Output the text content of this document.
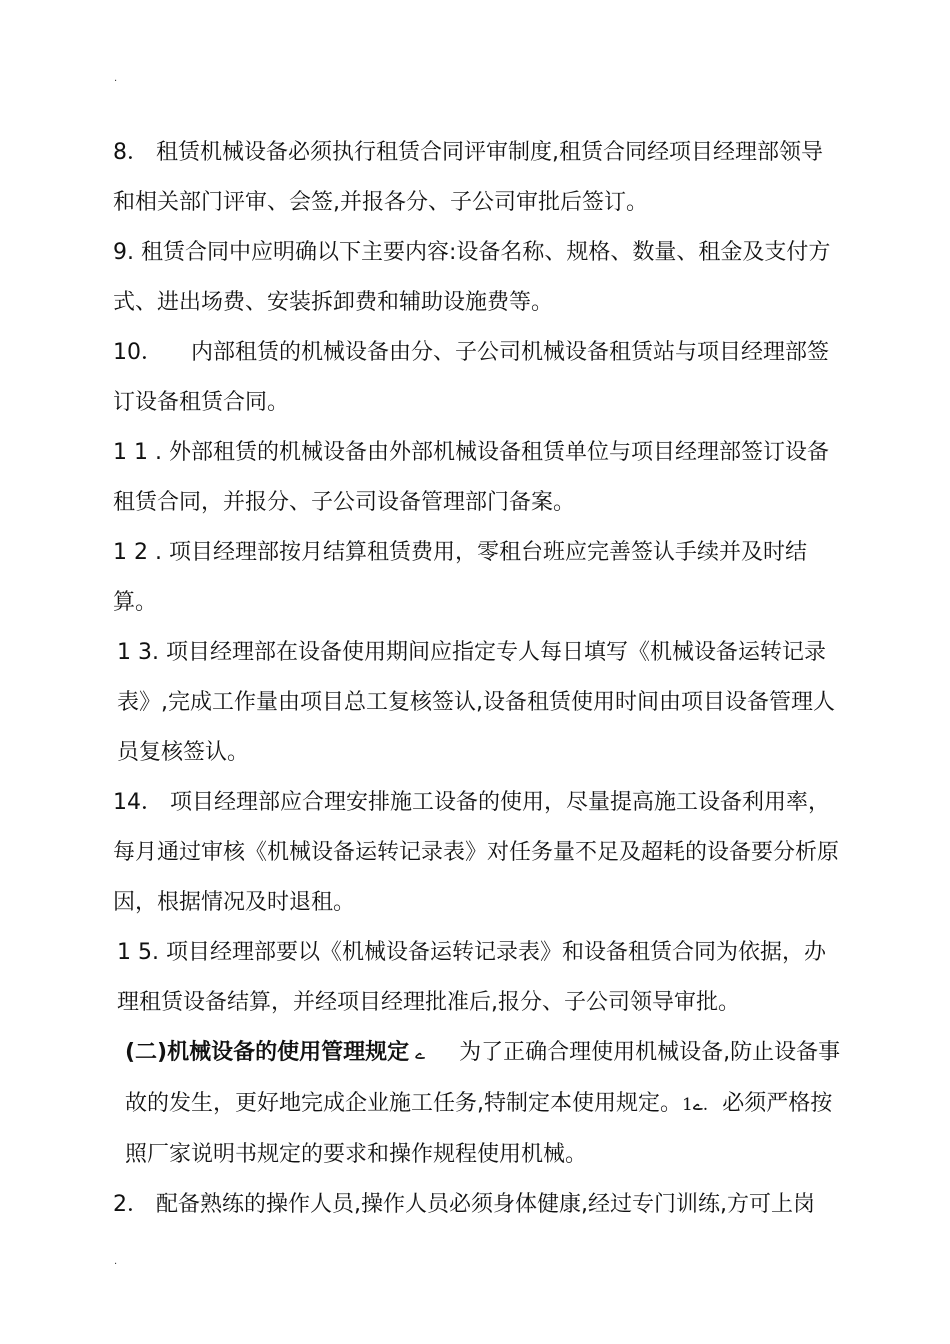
.

8． 租赁机械设备必须执行租赁合同评审制度,租赁合同经项目经理部领导和相关部门评审、会签,并报各分、子公司审批后签订。

9. 租赁合同中应明确以下主要内容:设备名称、规格、数量、租金及支付方式、进出场费、安装拆卸费和辅助设施费等。

10．    内部租赁的机械设备由分、子公司机械设备租赁站与项目经理部签订设备租赁合同。

1 1 . 外部租赁的机械设备由外部机械设备租赁单位与项目经理部签订设备租赁合同，并报分、子公司设备管理部门备案。

1 2 . 项目经理部按月结算租赁费用，零租台班应完善签认手续并及时结算。

1 3. 项目经理部在设备使用期间应指定专人每日填写《机械设备运转记录表》,完成工作量由项目总工复核签认,设备租赁使用时间由项目设备管理人员复核签认。

14． 项目经理部应合理安排施工设备的使用，尽量提高施工设备利用率，每月通过审核《机械设备运转记录表》对任务量不足及超耗的设备要分析原因，根据情况及时退租。

1 5. 项目经理部要以《机械设备运转记录表》和设备租赁合同为依据，办理租赁设备结算，并经项目经理批准后,报分、子公司领导审批。

(二)机械设备的使用管理规定 ے 为了正确合理使用机械设备,防止设备事故的发生，更好地完成企业施工任务,特制定本使用规定。1ے. 必须严格按照厂家说明书规定的要求和操作规程使用机械。

2． 配备熟练的操作人员,操作人员必须身体健康,经过专门训练,方可上岗

.
